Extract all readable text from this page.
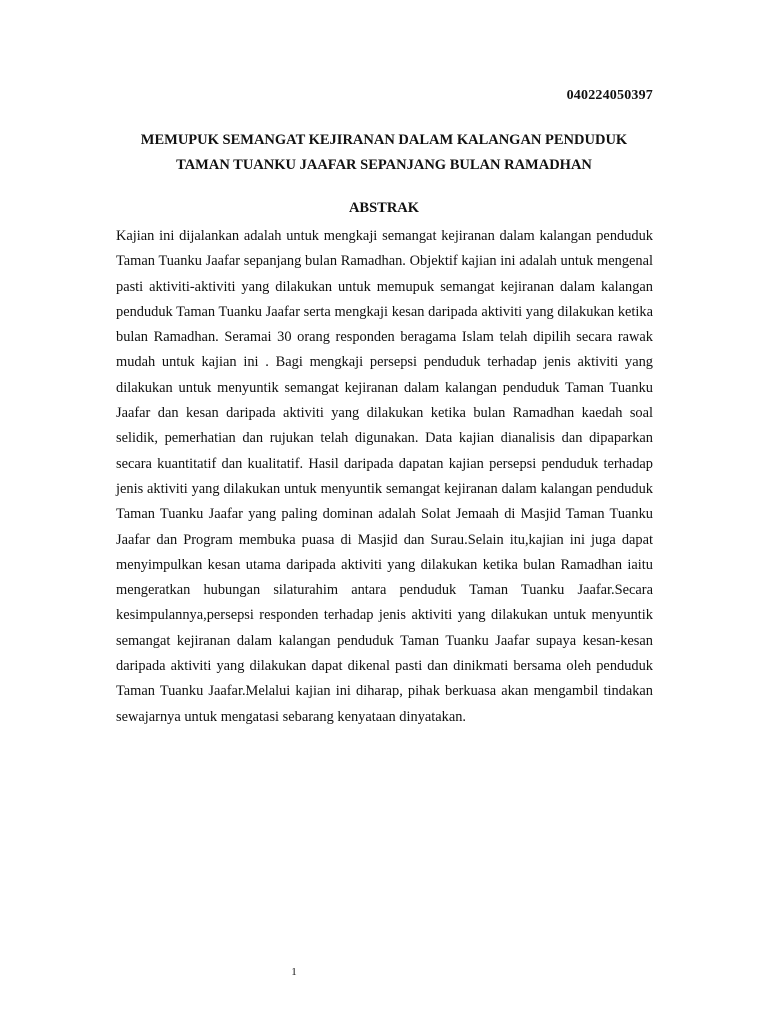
040224050397
MEMUPUK SEMANGAT KEJIRANAN DALAM KALANGAN PENDUDUK
TAMAN TUANKU JAAFAR SEPANJANG BULAN RAMADHAN
ABSTRAK

Kajian ini dijalankan adalah untuk mengkaji semangat kejiranan dalam kalangan penduduk Taman Tuanku Jaafar sepanjang bulan Ramadhan. Objektif kajian ini adalah untuk mengenal pasti aktiviti-aktiviti yang dilakukan untuk memupuk semangat kejiranan dalam kalangan penduduk Taman Tuanku Jaafar serta mengkaji kesan daripada aktiviti yang dilakukan ketika bulan Ramadhan. Seramai 30 orang responden beragama Islam telah dipilih secara rawak mudah untuk kajian ini . Bagi mengkaji persepsi penduduk terhadap jenis aktiviti yang dilakukan untuk menyuntik semangat kejiranan dalam kalangan penduduk Taman Tuanku Jaafar dan kesan daripada aktiviti yang dilakukan ketika bulan Ramadhan kaedah soal selidik, pemerhatian dan rujukan telah digunakan. Data kajian dianalisis dan dipaparkan secara kuantitatif dan kualitatif. Hasil daripada dapatan kajian persepsi penduduk terhadap jenis aktiviti yang dilakukan untuk menyuntik semangat kejiranan dalam kalangan penduduk Taman Tuanku Jaafar yang paling dominan adalah Solat Jemaah di Masjid Taman Tuanku Jaafar dan Program membuka puasa di Masjid dan Surau.Selain itu,kajian ini juga dapat menyimpulkan kesan utama daripada aktiviti yang dilakukan ketika bulan Ramadhan iaitu mengeratkan hubungan silaturahim antara penduduk Taman Tuanku Jaafar.Secara kesimpulannya,persepsi responden terhadap jenis aktiviti yang dilakukan untuk menyuntik semangat kejiranan dalam kalangan penduduk Taman Tuanku Jaafar supaya kesan-kesan daripada aktiviti yang dilakukan dapat dikenal pasti dan dinikmati bersama oleh penduduk Taman Tuanku Jaafar.Melalui kajian ini diharap, pihak berkuasa akan mengambil tindakan sewajarnya untuk mengatasi sebarang kenyataan dinyatakan.

1
